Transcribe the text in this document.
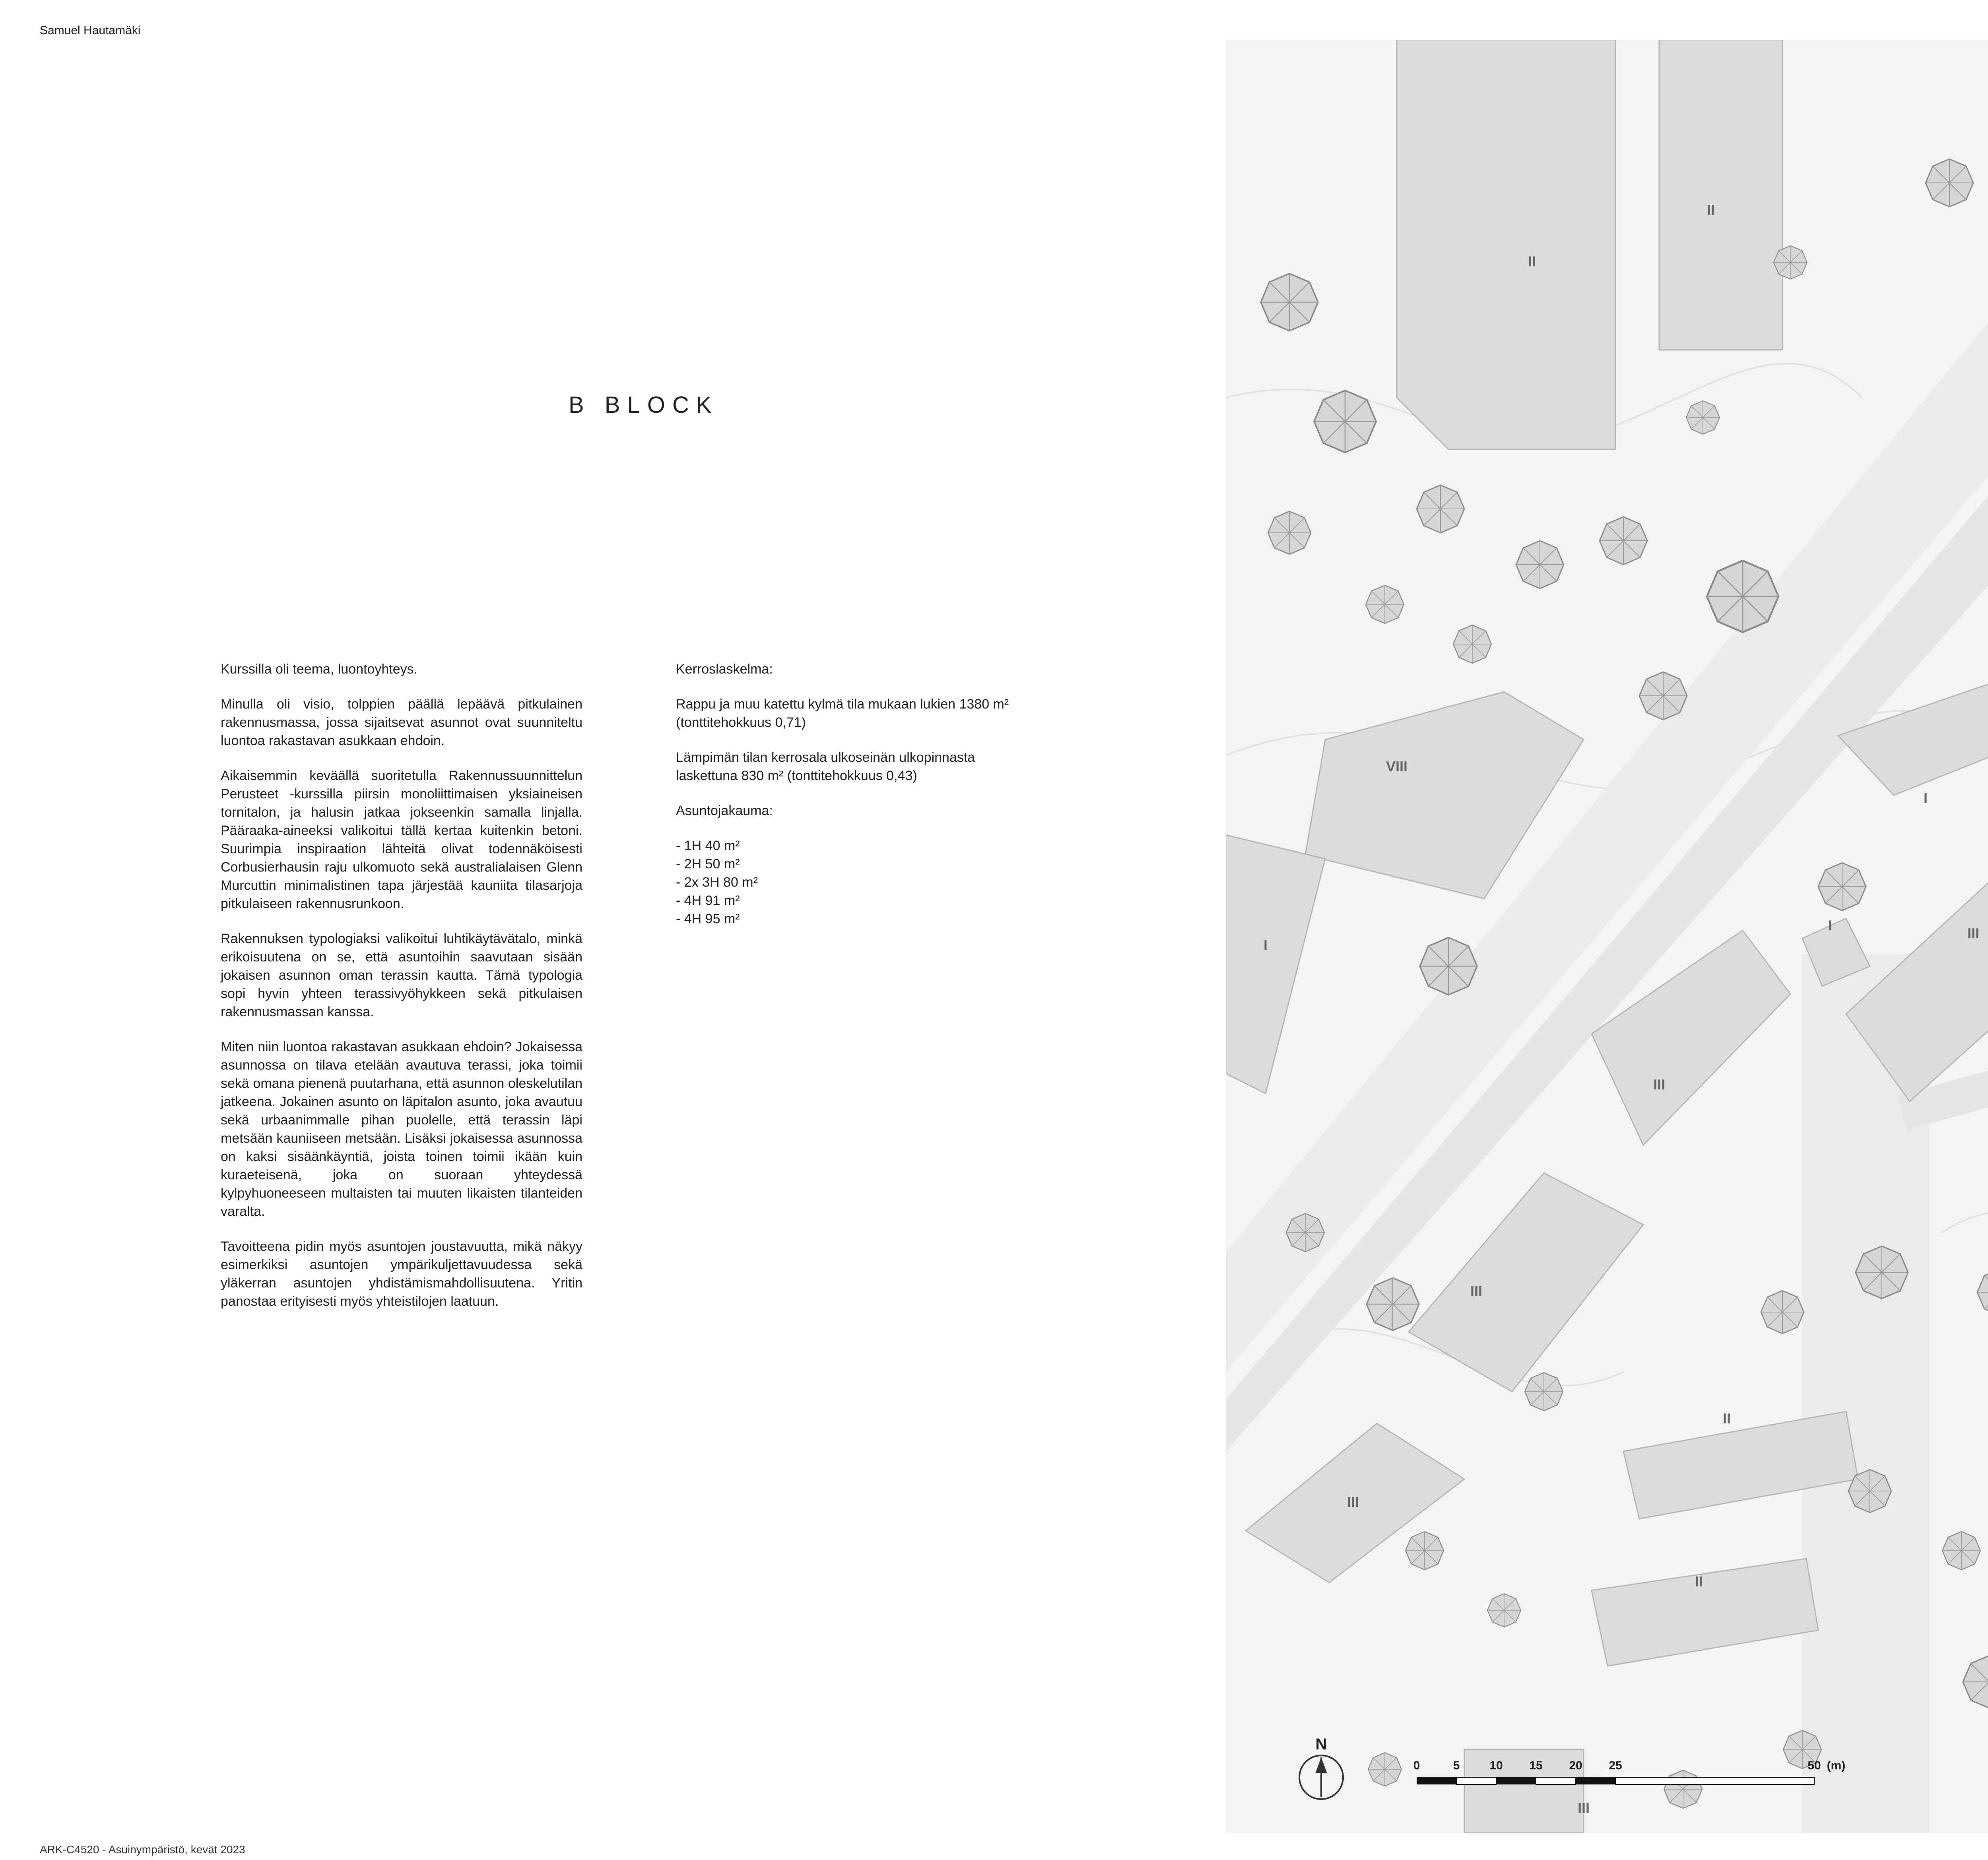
Samuel Hautamäki
B BLOCK

Kurssilla oli teema, luontoyhteys.

Minulla oli visio, tolppien päällä lepäävä pitkulainen rakennusmassa, jossa sijaitsevat asunnot ovat suunniteltu luontoa rakastavan asukkaan ehdoin.

Aikaisemmin keväällä suoritetulla Rakennussuunnittelun Perusteet -kurssilla piirsin monoliittimaisen yksiaineisen tornitalon, ja halusin jatkaa jokseenkin samalla linjalla. Pääraaka-aineeksi valikoitui tällä kertaa kuitenkin betoni. Suurimpia inspiraation lähteitä olivat todennäköisesti Corbusierhausin raju ulkomuoto sekä australialaisen Glenn Murcuttin minimalistinen tapa järjestää kauniita tilasarjoja pitkulaiseen rakennusrunkoon.

Rakennuksen typologiaksi valikoitui luhtikäytävätalo, minkä erikoisuutena on se, että asuntoihin saavutaan sisään jokaisen asunnon oman terassin kautta. Tämä typologia sopi hyvin yhteen terassivyöhykkeen sekä pitkulaisen rakennusmassan kanssa.

Miten niin luontoa rakastavan asukkaan ehdoin? Jokaisessa asunnossa on tilava etelään avautuva terassi, joka toimii sekä omana pienenä puutarhana, että asunnon oleskelutilan jatkeena. Jokainen asunto on läpitalon asunto, joka avautuu sekä urbaanimmalle pihan puolelle, että terassin läpi metsään kauniiseen metsään. Lisäksi jokaisessa asunnossa on kaksi sisäänkäyntiä, joista toinen toimii ikään kuin kuraeteisenä, joka on suoraan yhteydessä kylpyhuoneeseen multaisten tai muuten likaisten tilanteiden varalta.

Tavoitteena pidin myös asuntojen joustavuutta, mikä näkyy esimerkiksi asuntojen ympärikuljettavuudessa sekä yläkerran asuntojen yhdistämismahdollisuutena. Yritin panostaa erityisesti myös yhteistilojen laatuun.

Kerroslaskelma:

Rappu ja muu katettu kylmä tila mukaan lukien 1380 m² (tonttitehokkuus 0,71)

Lämpimän tilan kerrosala ulkoseinän ulkopinnasta laskettuna 830 m² (tonttitehokkuus 0,43)

Asuntojakauma:

- 1H 40 m²
- 2H 50 m²
- 2x 3H 80 m²
- 4H 91 m²
- 4H 95 m²
II
II
VIII
I
III
I
I
III
III
II
II
III
III
N
0	5 10 15 20 25	50 (m)
ARK-C4520 - Asuinympäristö, kevät 2023
